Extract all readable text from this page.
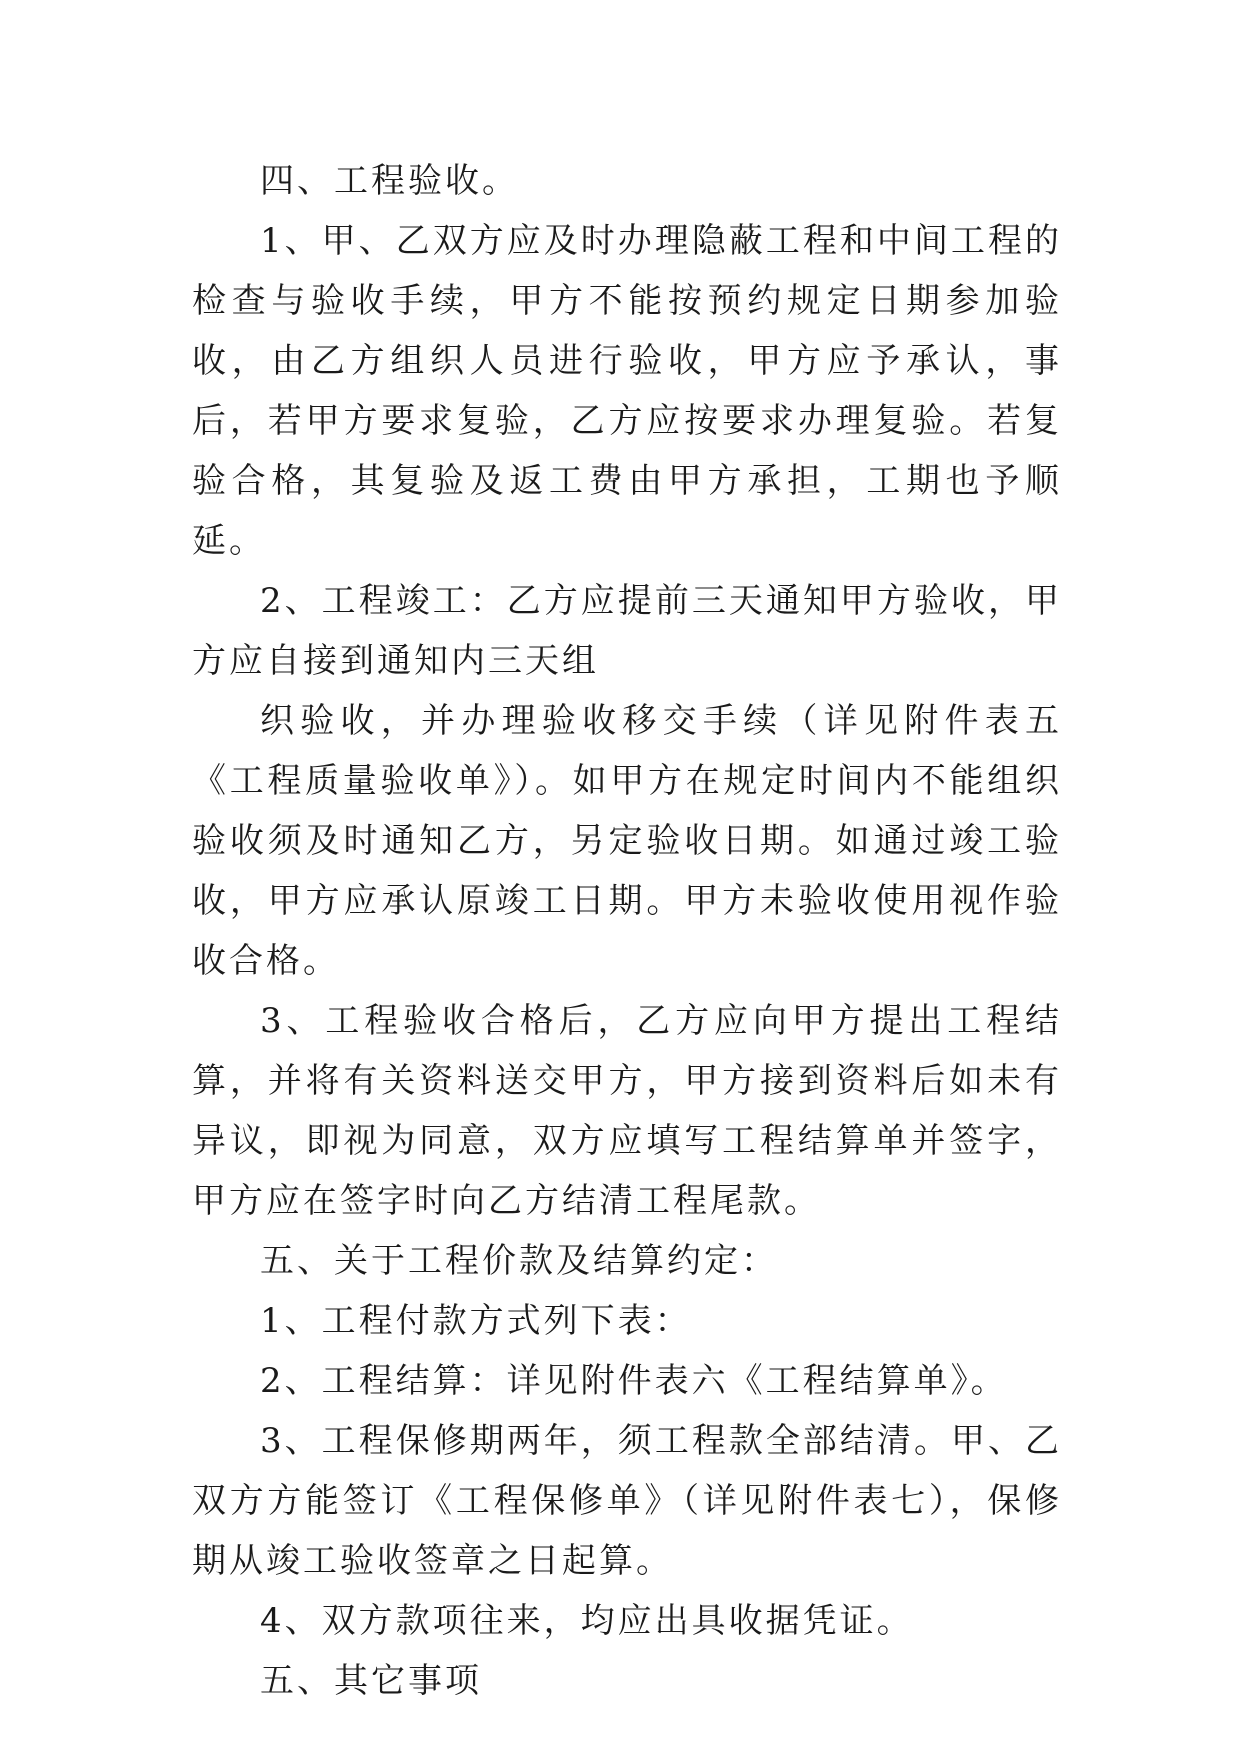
四、工程验收。

1、甲、乙双方应及时办理隐蔽工程和中间工程的检查与验收手续，甲方不能按预约规定日期参加验收，由乙方组织人员进行验收，甲方应予承认，事后，若甲方要求复验，乙方应按要求办理复验。若复验合格，其复验及返工费由甲方承担，工期也予顺延。

2、工程竣工：乙方应提前三天通知甲方验收，甲方应自接到通知内三天组

织验收，并办理验收移交手续（详见附件表五《工程质量验收单》）。如甲方在规定时间内不能组织验收须及时通知乙方，另定验收日期。如通过竣工验收，甲方应承认原竣工日期。甲方未验收使用视作验收合格。

3、工程验收合格后，乙方应向甲方提出工程结算，并将有关资料送交甲方，甲方接到资料后如未有异议，即视为同意，双方应填写工程结算单并签字，甲方应在签字时向乙方结清工程尾款。

五、关于工程价款及结算约定：

1、工程付款方式列下表：

2、工程结算：详见附件表六《工程结算单》。

3、工程保修期两年，须工程款全部结清。甲、乙双方方能签订《工程保修单》（详见附件表七），保修期从竣工验收签章之日起算。

4、双方款项往来，均应出具收据凭证。

五、其它事项
